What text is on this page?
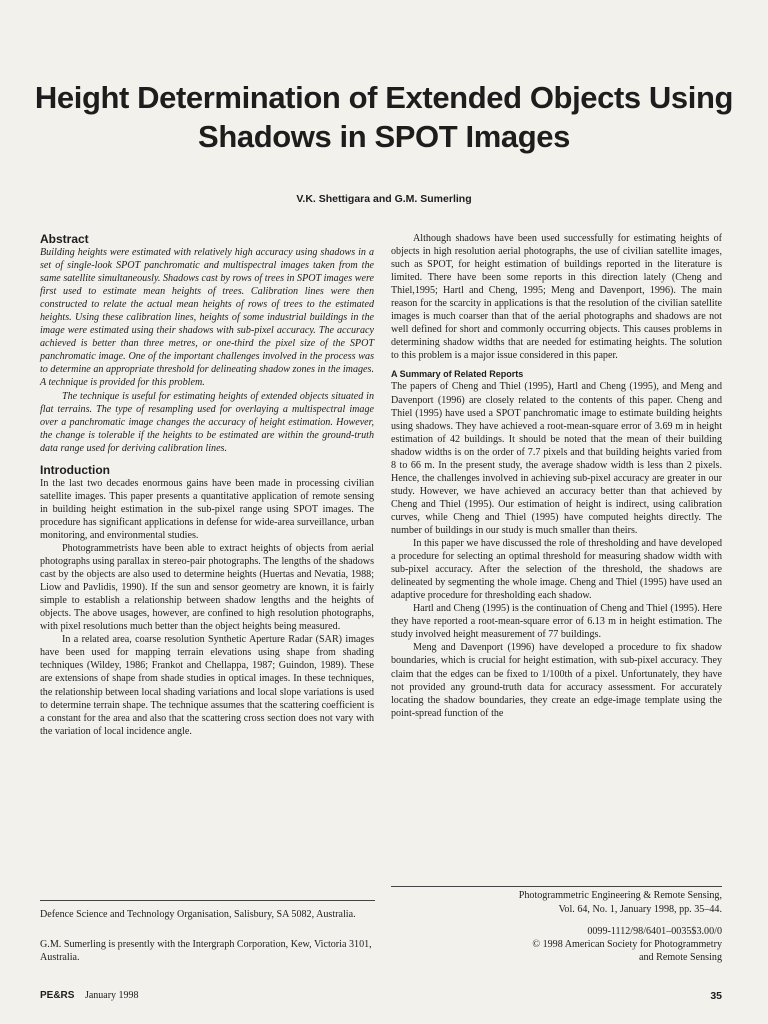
Height Determination of Extended Objects Using
Shadows in SPOT Images
V.K. Shettigara and G.M. Sumerling
Abstract

Building heights were estimated with relatively high accuracy using shadows in a set of single-look SPOT panchromatic and multispectral images taken from the same satellite simultaneously. Shadows cast by rows of trees in SPOT images were first used to estimate mean heights of trees. Calibration lines were then constructed to relate the actual mean heights of rows of trees to the estimated heights. Using these calibration lines, heights of some industrial buildings in the image were estimated using their shadows with sub-pixel accuracy. The accuracy achieved is better than three metres, or one-third the pixel size of the SPOT panchromatic image. One of the important challenges involved in the process was to determine an appropriate threshold for delineating shadow zones in the images. A technique is provided for this problem.

The technique is useful for estimating heights of extended objects situated in flat terrains. The type of resampling used for overlaying a multispectral image over a panchromatic image changes the accuracy of height estimation. However, the change is tolerable if the heights to be estimated are within the ground-truth data range used for deriving calibration lines.

Introduction

In the last two decades enormous gains have been made in processing civilian satellite images. This paper presents a quantitative application of remote sensing in building height estimation in the sub-pixel range using SPOT images. The procedure has significant applications in defense for wide-area surveillance, urban monitoring, and environmental studies.

Photogrammetrists have been able to extract heights of objects from aerial photographs using parallax in stereo-pair photographs. The lengths of the shadows cast by the objects are also used to determine heights (Huertas and Nevatia, 1988; Liow and Pavlidis, 1990). If the sun and sensor geometry are known, it is fairly simple to establish a relationship between shadow lengths and the heights of objects. The above usages, however, are confined to high resolution photographs, with pixel resolutions much better than the object heights being measured.

In a related area, coarse resolution Synthetic Aperture Radar (SAR) images have been used for mapping terrain elevations using shape from shading techniques (Wildey, 1986; Frankot and Chellappa, 1987; Guindon, 1989). These are extensions of shape from shade studies in optical images. In these techniques, the relationship between local shading variations and local slope variations is used to determine terrain shape. The technique assumes that the scattering coefficient is a constant for the area and also that the scattering cross section does not vary with the variation of local incidence angle.

Although shadows have been used successfully for estimating heights of objects in high resolution aerial photographs, the use of civilian satellite images, such as SPOT, for height estimation of buildings reported in the literature is limited. There have been some reports in this direction lately (Cheng and Thiel,1995; Hartl and Cheng, 1995; Meng and Davenport, 1996). The main reason for the scarcity in applications is that the resolution of the civilian satellite images is much coarser than that of the aerial photographs and shadows are not well defined for short and commonly occurring objects. This causes problems in determining shadow widths that are needed for estimating heights. The solution to this problem is a major issue considered in this paper.

A Summary of Related Reports

The papers of Cheng and Thiel (1995), Hartl and Cheng (1995), and Meng and Davenport (1996) are closely related to the contents of this paper. Cheng and Thiel (1995) have used a SPOT panchromatic image to estimate building heights using shadows. They have achieved a root-mean-square error of 3.69 m in height estimation of 42 buildings. It should be noted that the mean of their building shadow widths is on the order of 7.7 pixels and that building heights varied from 8 to 66 m. In the present study, the average shadow width is less than 2 pixels. Hence, the challenges involved in achieving sub-pixel accuracy are greater in our study. However, we have achieved an accuracy better than that achieved by Cheng and Thiel (1995). Our estimation of height is indirect, using calibration curves, while Cheng and Thiel (1995) have computed heights directly. The number of buildings in our study is much smaller than theirs.

In this paper we have discussed the role of thresholding and have developed a procedure for selecting an optimal threshold for measuring shadow width with sub-pixel accuracy. After the selection of the threshold, the shadows are delineated by segmenting the whole image. Cheng and Thiel (1995) have used an adaptive procedure for thresholding each shadow.

Hartl and Cheng (1995) is the continuation of Cheng and Thiel (1995). Here they have reported a root-mean-square error of 6.13 m in height estimation. The study involved height measurement of 77 buildings.

Meng and Davenport (1996) have developed a procedure to fix shadow boundaries, which is crucial for height estimation, with sub-pixel accuracy. They claim that the edges can be fixed to 1/100th of a pixel. Unfortunately, they have not provided any ground-truth data for accuracy assessment. For accurately locating the shadow boundaries, they create an edge-image template using the point-spread function of the

Defence Science and Technology Organisation, Salisbury, SA 5082, Australia.

G.M. Sumerling is presently with the Intergraph Corporation, Kew, Victoria 3101, Australia.

Photogrammetric Engineering & Remote Sensing,
Vol. 64, No. 1, January 1998, pp. 35–44.
0099-1112/98/6401–0035$3.00/0
© 1998 American Society for Photogrammetry
and Remote Sensing
PE&RS January 1998	35
